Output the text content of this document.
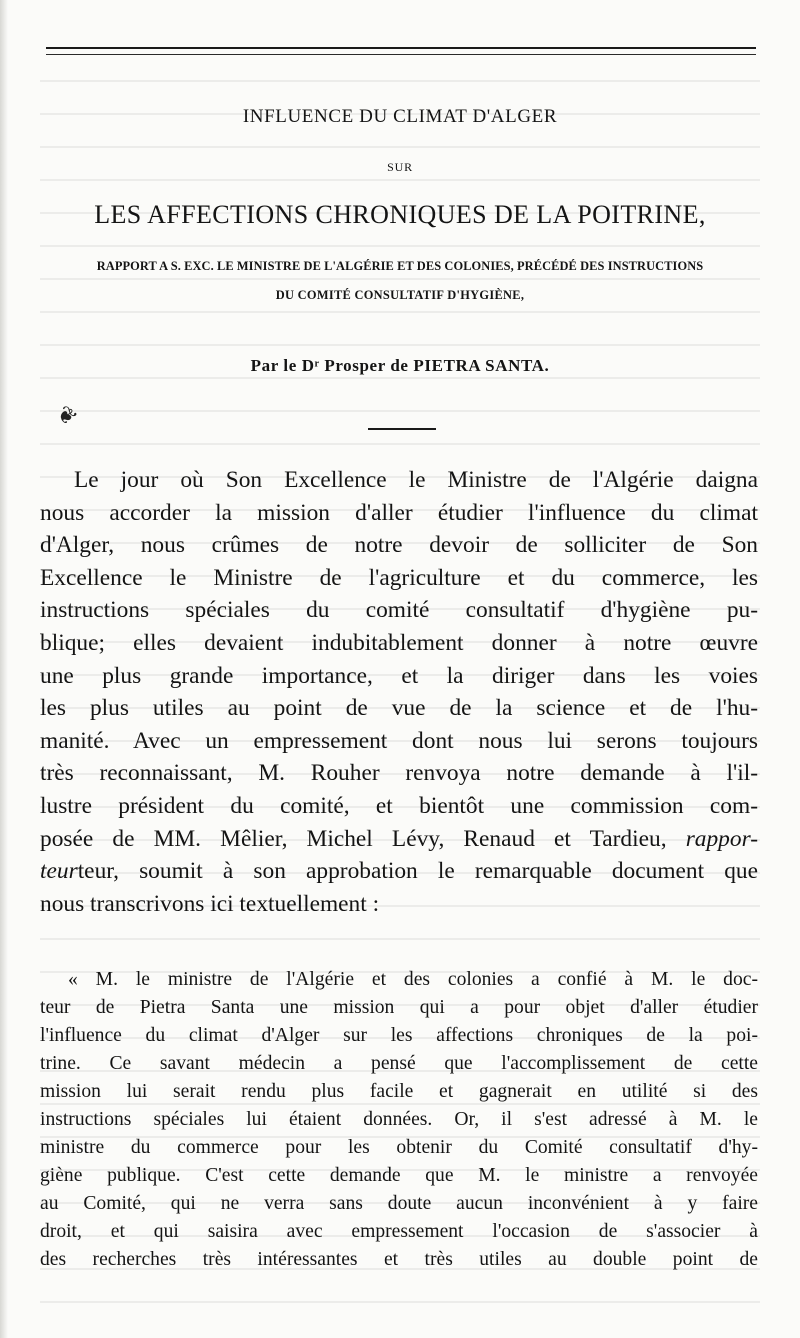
INFLUENCE DU CLIMAT D'ALGER
SUR
LES AFFECTIONS CHRONIQUES DE LA POITRINE,
RAPPORT A S. EXC. LE MINISTRE DE L'ALGÉRIE ET DES COLONIES, PRÉCÉDÉ DES INSTRUCTIONS
DU COMITÉ CONSULTATIF D'HYGIÈNE,
Par le Dʳ Prosper de PIETRA SANTA.
❦
Le jour où Son Excellence le Ministre de l'Algérie daigna
nous accorder la mission d'aller étudier l'influence du climat
d'Alger, nous crûmes de notre devoir de solliciter de Son
Excellence le Ministre de l'agriculture et du commerce, les
instructions spéciales du comité consultatif d'hygiène pu-
blique; elles devaient indubitablement donner à notre œuvre
une plus grande importance, et la diriger dans les voies
les plus utiles au point de vue de la science et de l'hu-
manité. Avec un empressement dont nous lui serons toujours
très reconnaissant, M. Rouher renvoya notre demande à l'il-
lustre président du comité, et bientôt une commission com-
posée de MM. Mêlier, Michel Lévy, Renaud et Tardieu, rappor-
teurteur, soumit à son approbation le remarquable document que
nous transcrivons ici textuellement :
« M. le ministre de l'Algérie et des colonies a confié à M. le doc-
teur de Pietra Santa une mission qui a pour objet d'aller étudier
l'influence du climat d'Alger sur les affections chroniques de la poi-
trine. Ce savant médecin a pensé que l'accomplissement de cette
mission lui serait rendu plus facile et gagnerait en utilité si des
instructions spéciales lui étaient données. Or, il s'est adressé à M. le
ministre du commerce pour les obtenir du Comité consultatif d'hy-
giène publique. C'est cette demande que M. le ministre a renvoyée
au Comité, qui ne verra sans doute aucun inconvénient à y faire
droit, et qui saisira avec empressement l'occasion de s'associer à
des recherches très intéressantes et très utiles au double point de
